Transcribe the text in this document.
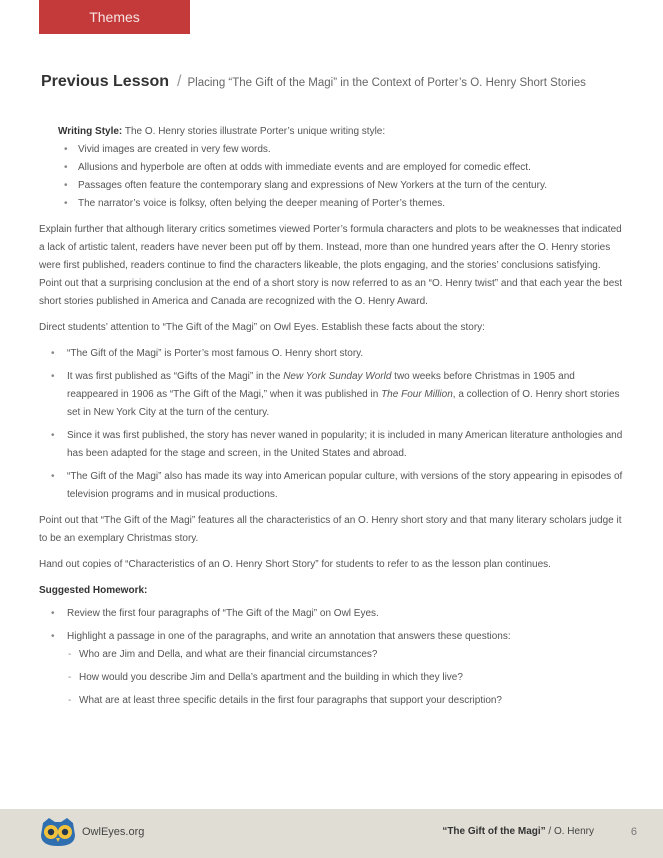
Themes
Previous Lesson / Placing “The Gift of the Magi” in the Context of Porter’s O. Henry Short Stories
Writing Style: The O. Henry stories illustrate Porter’s unique writing style:
• Vivid images are created in very few words.
• Allusions and hyperbole are often at odds with immediate events and are employed for comedic effect.
• Passages often feature the contemporary slang and expressions of New Yorkers at the turn of the century.
• The narrator’s voice is folksy, often belying the deeper meaning of Porter’s themes.

Explain further that although literary critics sometimes viewed Porter’s formula characters and plots to be weaknesses that indicated a lack of artistic talent, readers have never been put off by them. Instead, more than one hundred years after the O. Henry stories were first published, readers continue to find the characters likeable, the plots engaging, and the stories’ conclusions satisfying. Point out that a surprising conclusion at the end of a short story is now referred to as an “O. Henry twist” and that each year the best short stories published in America and Canada are recognized with the O. Henry Award.

Direct students’ attention to “The Gift of the Magi” on Owl Eyes. Establish these facts about the story:

• “The Gift of the Magi” is Porter’s most famous O. Henry short story.
• It was first published as “Gifts of the Magi” in the New York Sunday World two weeks before Christmas in 1905 and reappeared in 1906 as “The Gift of the Magi,” when it was published in The Four Million, a collection of O. Henry short stories set in New York City at the turn of the century.
• Since it was first published, the story has never waned in popularity; it is included in many American literature anthologies and has been adapted for the stage and screen, in the United States and abroad.
• “The Gift of the Magi” also has made its way into American popular culture, with versions of the story appearing in episodes of television programs and in musical productions.

Point out that “The Gift of the Magi” features all the characteristics of an O. Henry short story and that many literary scholars judge it to be an exemplary Christmas story.

Hand out copies of “Characteristics of an O. Henry Short Story” for students to refer to as the lesson plan continues.

Suggested Homework:

• Review the first four paragraphs of “The Gift of the Magi” on Owl Eyes.
• Highlight a passage in one of the paragraphs, and write an annotation that answers these questions:
- Who are Jim and Della, and what are their financial circumstances?
- How would you describe Jim and Della’s apartment and the building in which they live?
- What are at least three specific details in the first four paragraphs that support your description?
OwlEyes.org	“The Gift of the Magi” / O. Henry	6
